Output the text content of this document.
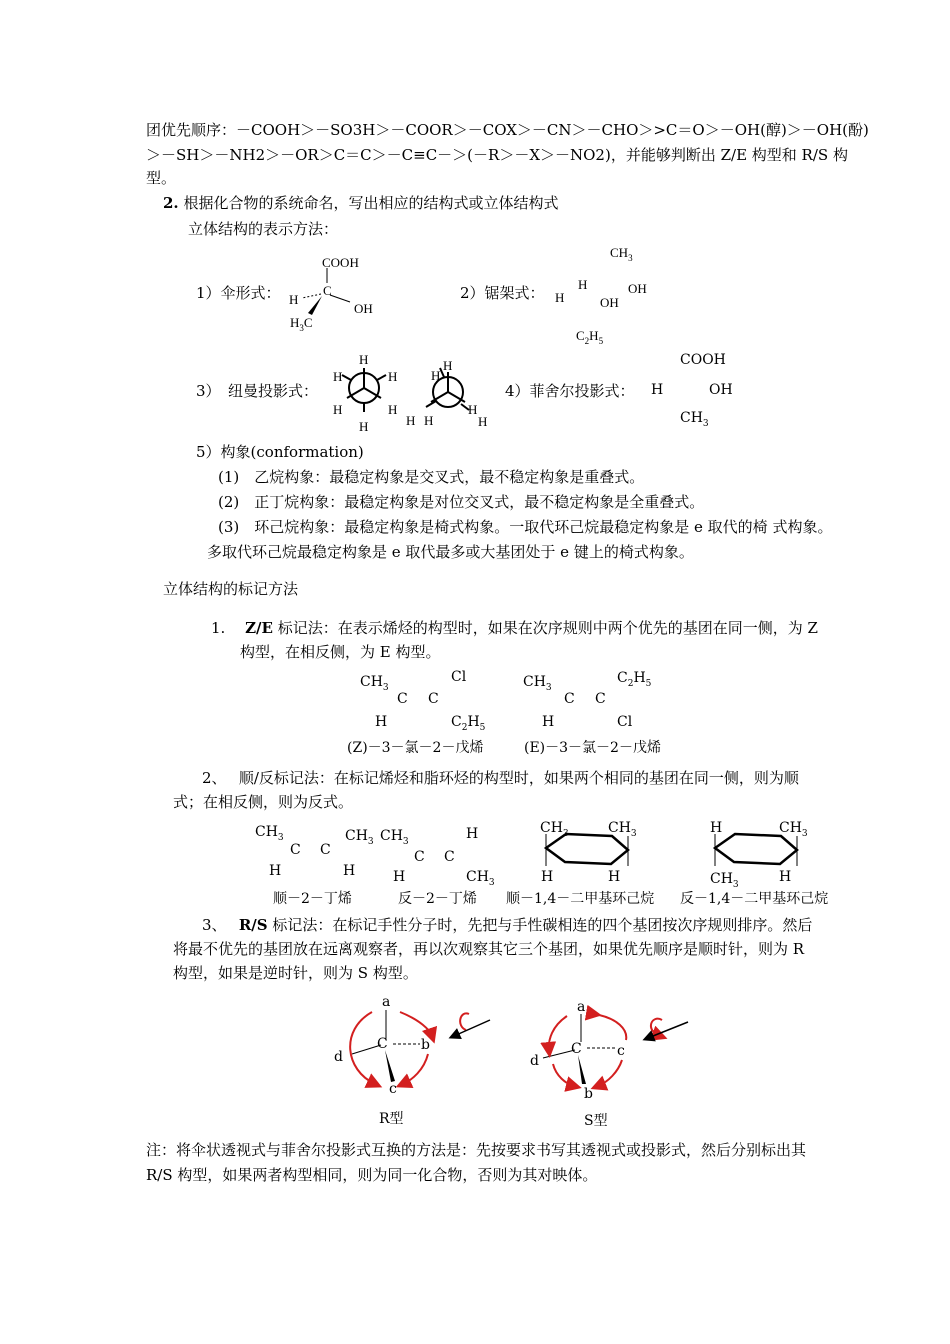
团优先顺序：－COOH＞－SO3H＞－COOR＞－COX＞－CN＞－CHO＞>C＝O＞－OH(醇)＞－OH(酚)
＞－SH＞－NH2＞－OR＞C＝C＞－C≡C－＞(－R＞－X＞－NO2)，并能够判断出 Z/E 构型和 R/S 构
型。
2. 根据化合物的系统命名，写出相应的结构式或立体结构式
立体结构的表示方法：
1）伞形式：
COOH
C
H
OH
$H_3C$
2）锯架式：
$CH_3$
H	OH
H	OH
$C_2H_5$
3）　纽曼投影式：
H
H	H
H	H
H
H
H
H H
H
H
4）菲舍尔投影式：
COOH
H	OH
$CH_3$
5）构象(conformation)
(1)　 乙烷构象：最稳定构象是交叉式，最不稳定构象是重叠式。
(2)　 正丁烷构象：最稳定构象是对位交叉式，最不稳定构象是全重叠式。
(3)　 环己烷构象：最稳定构象是椅式构象。一取代环己烷最稳定构象是 e 取代的椅 式构象。
多取代环己烷最稳定构象是 e 取代最多或大基团处于 e 键上的椅式构象。
立体结构的标记方法
1.　 Z/E 标记法：在表示烯烃的构型时，如果在次序规则中两个优先的基团在同一侧，为 Z
构型，在相反侧，为 E 构型。
Cl
$CH_3$
C C
H	$C_2H_5$
$CH_3$
$C_2H_5$
C C
H	Cl
(Z)－3－氯－2－戊烯	(E)－3－氯－2－戊烯
2、　 顺/反标记法：在标记烯烃和脂环烃的构型时，如果两个相同的基团在同一侧，则为顺
式；在相反侧，则为反式。
$CH_3$	$CH_3$
C C
H	H
$CH_3$	H
C C
H	$CH_3$
$CH_3$	$CH_3$
H	H
H	$CH_3$
$CH_3$	H
顺－2－丁烯	反－2－丁烯 顺－1,4－二甲基环己烷 反－1,4－二甲基环己烷
3、　 R/S 标记法：在标记手性分子时，先把与手性碳相连的四个基团按次序规则排序。然后
将最不优先的基团放在远离观察者，再以次观察其它三个基团，如果优先顺序是顺时针，则为 R
构型，如果是逆时针，则为 S 构型。
a
C b
d
c
a
C	c
d
b
R型	S型
注：将伞状透视式与菲舍尔投影式互换的方法是：先按要求书写其透视式或投影式，然后分别标出其
R/S 构型，如果两者构型相同，则为同一化合物，否则为其对映体。
